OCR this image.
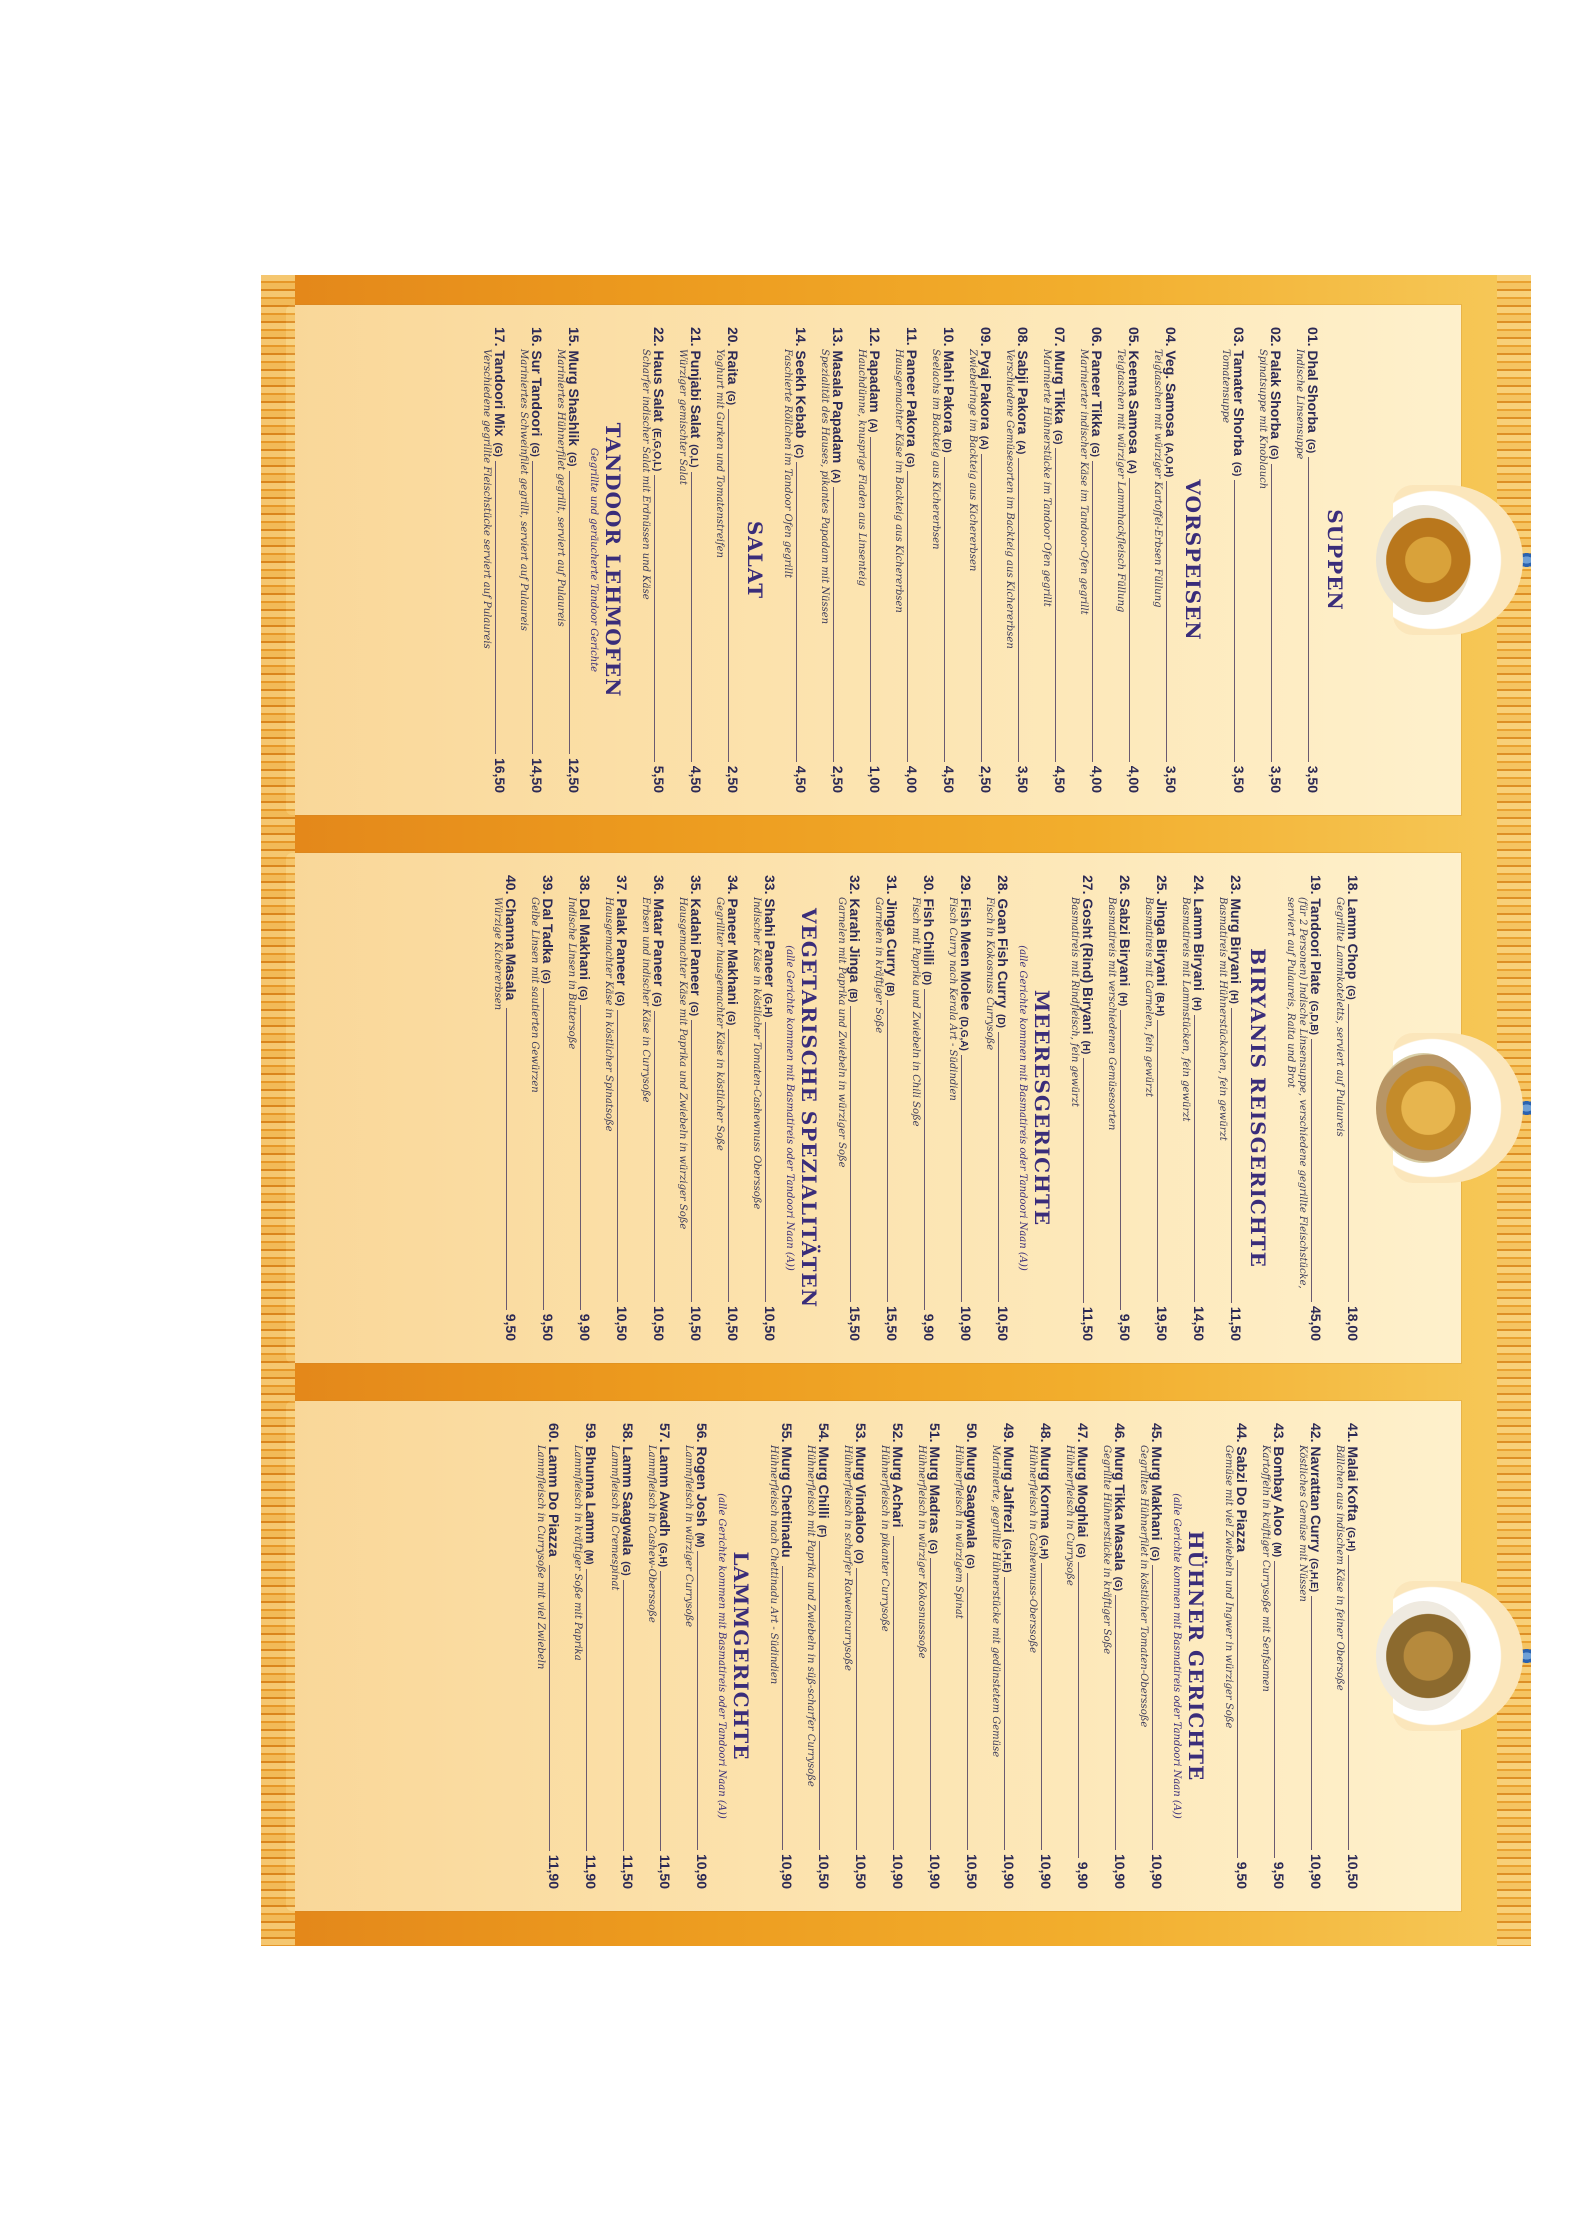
SUPPEN
01. Dhal Shorba
(G)
3,50
Indische Linsensuppe
02. Palak Shorba
(G)
3,50
Spinatsuppe mit Knoblauch
03. Tamater Shorba
(G)
3,50
Tomatensuppe
VORSPEISEN
04. Veg. Samosa
(A,O,H)
3,50
Teigtaschen mit würziger Kartoffel-Erbsen Füllung
05. Keema Samosa
(A)
4,00
Teigtaschen mit würziger Lammhackfleisch Füllung
06. Paneer Tikka
(G)
4,00
Marinierter indischer Käse im Tandoor-Ofen gegrillt
07. Murg Tikka
(G)
4,50
Marinierte Hühnerstücke im Tandoor Ofen gegrillt
08. Sabji Pakora
(A)
3,50
Verschiedene Gemüsesorten im Backteig aus Kichererbsen
09. Pyaj Pakora
(A)
2,50
Zwiebelringe im Backteig aus Kichererbsen
10. Mahi Pakora
(D)
4,50
Seelachs im Backteig aus Kichererbsen
11. Paneer Pakora
(G)
4,00
Hausgemachter Käse im Backteig aus Kichererbsen
12. Papadam
(A)
1,00
Hauchdünne, knusprige Fladen aus Linsenteig
13. Masala Papadam
(A)
2,50
Spezialität des Hauses, pikantes Papadam mit Nüssen
14. Seekh Kebab
(C)
4,50
Faschierte Röllchen im Tandoor Ofen gegrillt
SALAT
20. Raita
(G)
2,50
Yoghurt mit Gurken und Tomatenstreifen
21. Punjabi Salat
(O,L)
4,50
Würziger gemischter Salat
22. Haus Salat
(E,G,O,L)
5,50
Scharfer indischer Salat mit Erdnüssen und Käse
TANDOOR LEHMOFEN
Gegrillte und geräucherte Tandoor Gerichte
15. Murg Shashlik
(G)
12,50
Mariniertes Hühnerfilet gegrillt, serviert auf Pulaureis
16. Sur Tandoori
(G)
14,50
Mariniertes Schweinfilet gegrillt, serviert auf Pulaureis
17. Tandoori Mix
(G)
16,50
Verschiedene gegrillte Fleischstücke serviert auf Pulaureis
18. Lamm Chop
(G)
18,00
Gegrillte Lammkoteletts, serviert auf Pulaureis
19. Tandoori Plate
(G,D,B)
45,00
(für 2 Personen) Indische Linsensuppe, verschiedene gegrillte Fleischstücke, serviert auf Pulaureis, Raita und Brot
BIRYANIS REISGERICHTE
23. Murg Biryani
(H)
11,50
Basmatireis mit Hühnerstückchen, fein gewürzt
24. Lamm Biryani
(H)
14,50
Basmatireis mit Lammstücken, fein gewürzt
25. Jinga Biryani
(B,H)
19,50
Basmatireis mit Garnelen, fein gewürzt
26. Sabzi Biryani
(H)
9,50
Basmatireis mit verschiedenen Gemüsesorten
27. Gosht (Rind) Biryani
(H)
11,50
Basmatireis mit Rindfleisch, fein gewürzt
MEERESGERICHTE
(alle Gerichte kommen mit Basmatireis oder Tandoori Naan (A))
28. Goan Fish Curry
(D)
10,50
Fisch in Kokosnuss Currysoße
29. Fish Meen Molee
(D,G,A)
10,90
Fisch Curry nach Kerala Art - Südindien
30. Fish Chilli
(D)
9,90
Fisch mit Paprika und Zwiebeln in Chili Soße
31. Jinga Curry
(B)
15,50
Garnelen in kräftiger Soße
32. Karahi Jinga
(B)
15,50
Garnelen mit Paprika und Zwiebeln in würziger Soße
VEGETARISCHE SPEZIALITÄTEN
(alle Gerichte kommen mit Basmatireis oder Tandoori Naan (A))
33. Shahi Paneer
(G,H)
10,50
Indischer Käse in köstlicher Tomaten-Cashewnuss Oberssoße
34. Paneer Makhani
(G)
10,50
Gegrillter hausgemachter Käse in köstlicher Soße
35. Kadahi Paneer
(G)
10,50
Hausgemachter Käse mit Paprika und Zwiebeln in würziger Soße
36. Matar Paneer
(G)
10,50
Erbsen und indischer Käse in Currysoße
37. Palak Paneer
(G)
10,50
Hausgemachter Käse in köstlicher Spinatsoße
38. Dal Makhani
(G)
9,90
Indische Linsen in Buttersoße
39. Dal Tadka
(G)
9,50
Gelbe Linsen mit sautierten Gewürzen
40. Channa Masala
9,50
Würzige Kichererbsen
41. Malai Kofta
(G,H)
10,50
Bällchen aus indischem Käse in feiner Obersoße
42. Navrattan Curry
(G,H,E)
10,90
Köstliches Gemüse mit Nüssen
43. Bombay Aloo
(M)
9,50
Kartoffeln in kräftiger Currysoße mit Senfsamen
44. Sabzi Do Piazza
9,50
Gemüse mit viel Zwiebeln und Ingwer in würziger Soße
HÜHNER GERICHTE
(alle Gerichte kommen mit Basmatireis oder Tandoori Naan (A))
45. Murg Makhani
(G)
10,90
Gegrilltes Hühnerfilet in köstlicher Tomaten-Oberssoße
46. Murg Tikka Masala
(G)
10,90
Gegrillte Hühnerstücke in kräftiger Soße
47. Murg Moghlai
(G)
9,90
Hühnerfleisch in Currysoße
48. Murg Korma
(G,H)
10,90
Hühnerfleisch in Cashewnuss-Oberssoße
49. Murg Jalfrezi
(G,H,E)
10,90
Marinierte, gegrillte Hühnerstücke mit gedünstetem Gemüse
50. Murg Saagwala
(G)
10,50
Hühnerfleisch in würzigem Spinat
51. Murg Madras
(G)
10,90
Hühnerfleisch in würziger Kokosnusssoße
52. Murg Achari
10,90
Hühnerfleisch in pikanter Currysoße
53. Murg Vindaloo
(O)
10,50
Hühnerfleisch in scharfer Rotweincurrysoße
54. Murg Chilli
(F)
10,50
Hühnerfleisch mit Paprika und Zwiebeln in süß-scharfer Currysoße
55. Murg Chettinadu
10,90
Hühnerfleisch nach Chettinadu Art - Südindien
LAMMGERICHTE
(alle Gerichte kommen mit Basmatireis oder Tandoori Naan (A))
56. Rogen Josh
(M)
10,90
Lammfleisch in würziger Currysoße
57. Lamm Awadh
(G,H)
11,50
Lammfleisch in Cashew-Oberssoße
58. Lamm Saagwala
(G)
11,50
Lammfleisch in Cremespinat
59. Bhunna Lamm
(M)
11,90
Lammfleisch in kräftiger Soße mit Paprika
60. Lamm Do Piazza
11,90
Lammfleisch in Currysoße mit viel Zwiebeln
